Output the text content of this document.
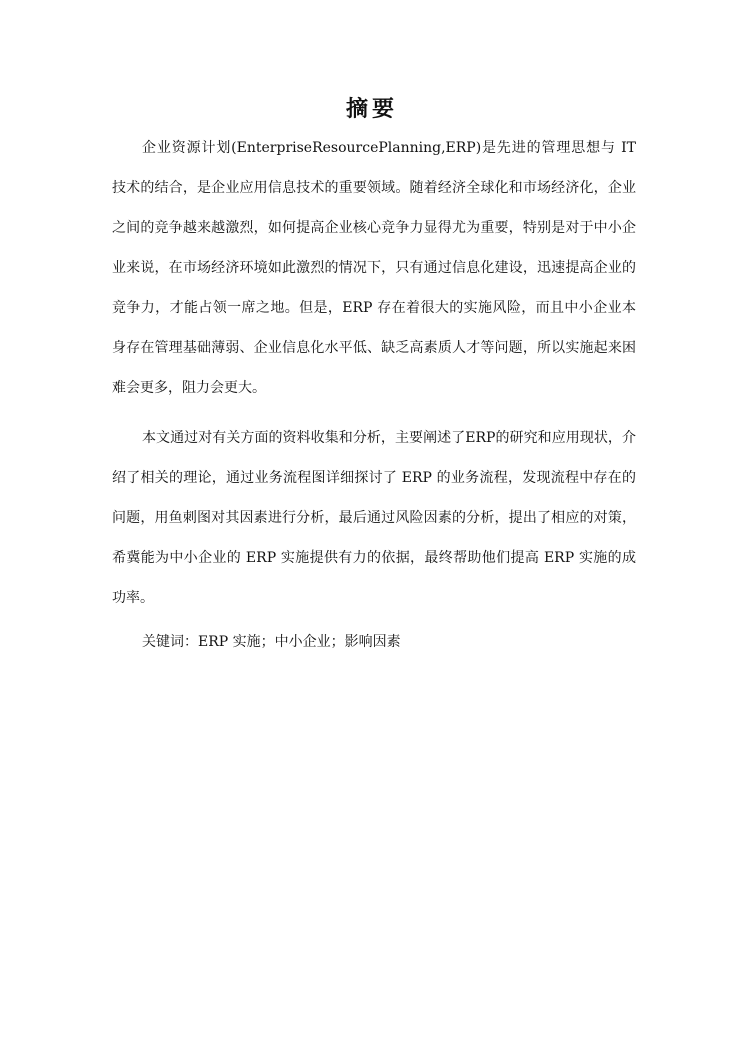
摘要

企业资源计划(EnterpriseResourcePlanning,ERP)是先进的管理思想与 IT 技术的结合，是企业应用信息技术的重要领域。随着经济全球化和市场经济化，企业之间的竞争越来越激烈，如何提高企业核心竞争力显得尤为重要，特别是对于中小企业来说，在市场经济环境如此激烈的情况下，只有通过信息化建设，迅速提高企业的竞争力，才能占领一席之地。但是，ERP 存在着很大的实施风险，而且中小企业本身存在管理基础薄弱、企业信息化水平低、缺乏高素质人才等问题，所以实施起来困难会更多，阻力会更大。

本文通过对有关方面的资料收集和分析，主要阐述了ERP的研究和应用现状，介绍了相关的理论，通过业务流程图详细探讨了 ERP 的业务流程，发现流程中存在的问题，用鱼刺图对其因素进行分析，最后通过风险因素的分析，提出了相应的对策，希冀能为中小企业的 ERP 实施提供有力的依据，最终帮助他们提高 ERP 实施的成功率。

关键词：ERP 实施；中小企业；影响因素
